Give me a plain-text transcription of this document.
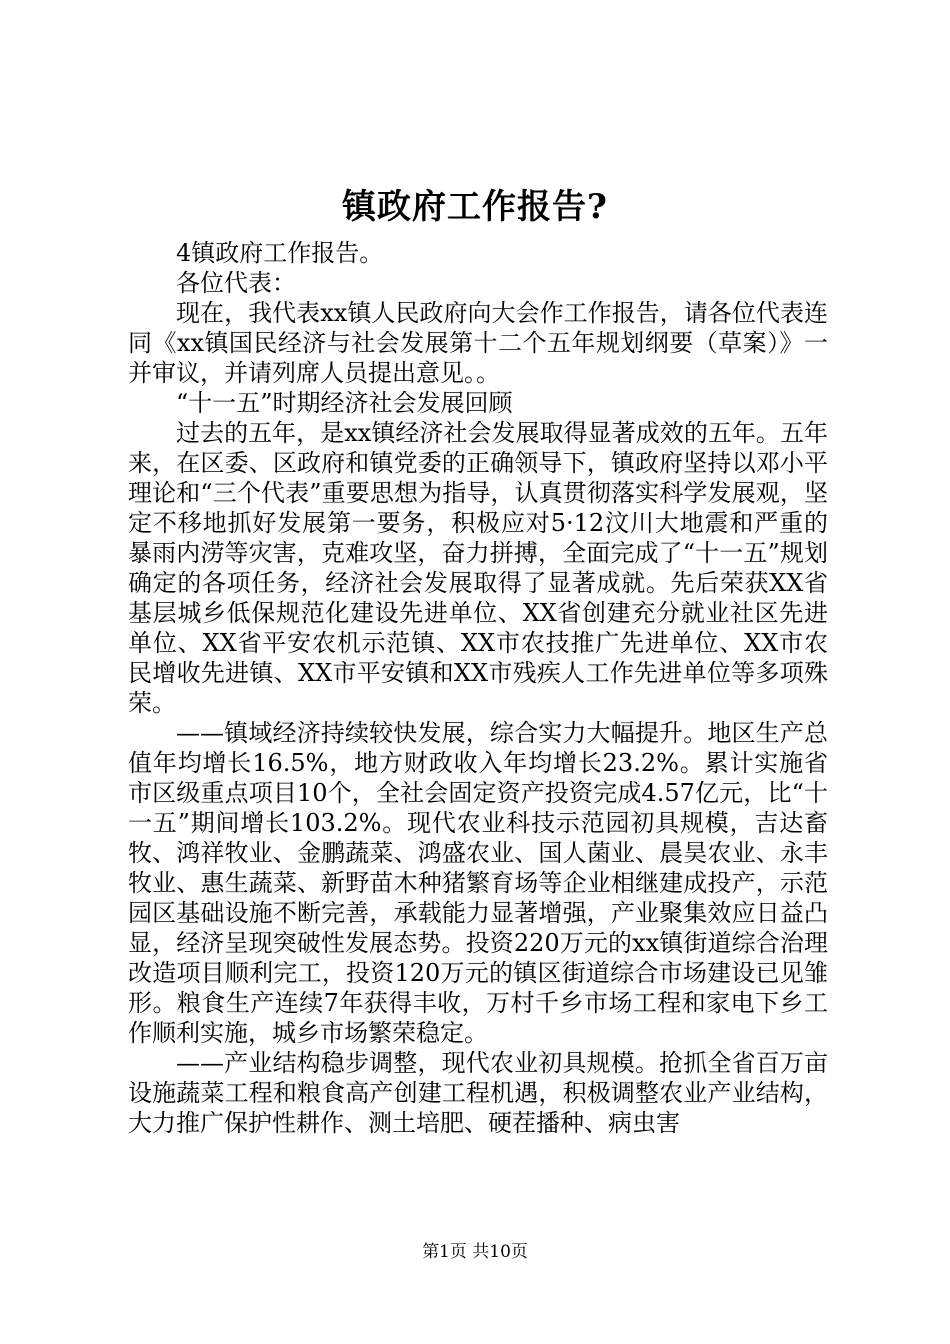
镇政府工作报告?

4镇政府工作报告。

各位代表：

现在，我代表xx镇人民政府向大会作工作报告，请各位代表连同《xx镇国民经济与社会发展第十二个五年规划纲要（草案）》一并审议，并请列席人员提出意见。。

“十一五”时期经济社会发展回顾

过去的五年，是xx镇经济社会发展取得显著成效的五年。五年来，在区委、区政府和镇党委的正确领导下，镇政府坚持以邓小平理论和“三个代表”重要思想为指导，认真贯彻落实科学发展观，坚定不移地抓好发展第一要务，积极应对5·12汶川大地震和严重的暴雨内涝等灾害，克难攻坚，奋力拼搏，全面完成了“十一五”规划确定的各项任务，经济社会发展取得了显著成就。先后荣获XX省基层城乡低保规范化建设先进单位、XX省创建充分就业社区先进单位、XX省平安农机示范镇、XX市农技推广先进单位、XX市农民增收先进镇、XX市平安镇和XX市残疾人工作先进单位等多项殊荣。

——镇域经济持续较快发展，综合实力大幅提升。地区生产总值年均增长16.5%，地方财政收入年均增长23.2%。累计实施省市区级重点项目10个，全社会固定资产投资完成4.57亿元，比“十一五”期间增长103.2%。现代农业科技示范园初具规模，吉达畜牧、鸿祥牧业、金鹏蔬菜、鸿盛农业、国人菌业、晨昊农业、永丰牧业、惠生蔬菜、新野苗木种猪繁育场等企业相继建成投产，示范园区基础设施不断完善，承载能力显著增强，产业聚集效应日益凸显，经济呈现突破性发展态势。投资220万元的xx镇街道综合治理改造项目顺利完工，投资120万元的镇区街道综合市场建设已见雏形。粮食生产连续7年获得丰收，万村千乡市场工程和家电下乡工作顺利实施，城乡市场繁荣稳定。

——产业结构稳步调整，现代农业初具规模。抢抓全省百万亩设施蔬菜工程和粮食高产创建工程机遇，积极调整农业产业结构，大力推广保护性耕作、测土培肥、硬茬播种、病虫害

第1页 共10页
